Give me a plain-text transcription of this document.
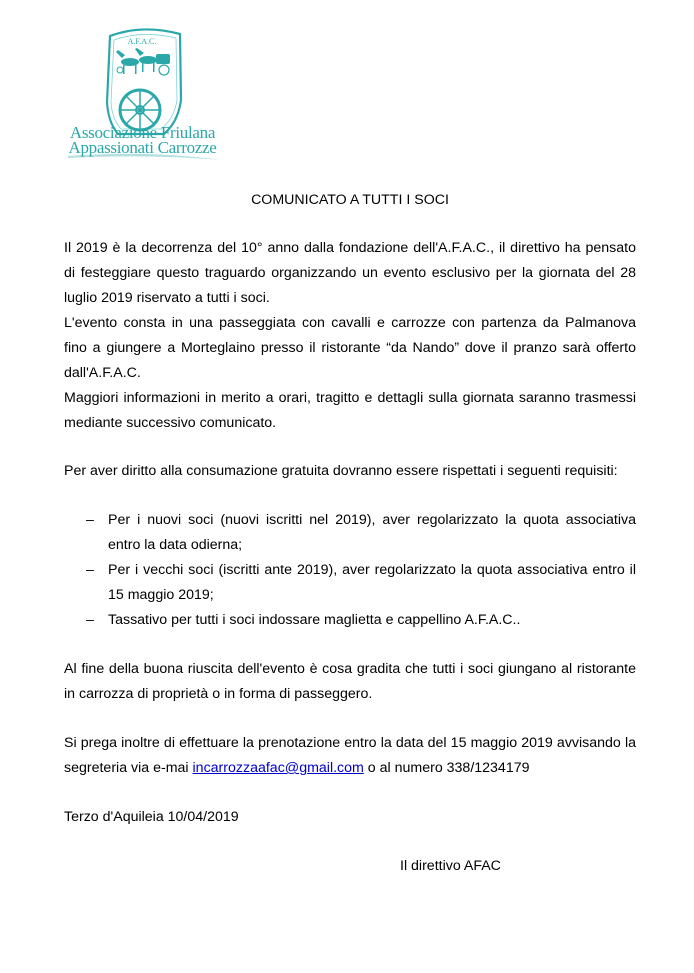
A.F.A.C.
Associazione Friulana
Appassionati Carrozze
COMUNICATO A TUTTI I SOCI
Il 2019 è la decorrenza del 10° anno dalla fondazione dell'A.F.A.C., il direttivo ha pensato
di festeggiare questo traguardo organizzando un evento esclusivo per la giornata del 28
luglio 2019 riservato a tutti i soci.
L'evento consta in una passeggiata con cavalli e carrozze con partenza da Palmanova
fino a giungere a Morteglaino presso il ristorante “da Nando” dove il pranzo sarà offerto
dall'A.F.A.C.
Maggiori informazioni in merito a orari, tragitto e dettagli sulla giornata saranno trasmessi
mediante successivo comunicato.
Per aver diritto alla consumazione gratuita dovranno essere rispettati i seguenti requisiti:
– Per i nuovi soci (nuovi iscritti nel 2019), aver regolarizzato la quota associativa
entro la data odierna;
– Per i vecchi soci (iscritti ante 2019), aver regolarizzato la quota associativa entro il
15 maggio 2019;
– Tassativo per tutti i soci indossare maglietta e cappellino A.F.A.C..
Al fine della buona riuscita dell'evento è cosa gradita che tutti i soci giungano al ristorante
in carrozza di proprietà o in forma di passeggero.
Si prega inoltre di effettuare la prenotazione entro la data del 15 maggio 2019 avvisando la
segreteria via e-mai incarrozzaafac@gmail.com o al numero 338/1234179
Terzo d'Aquileia 10/04/2019
Il direttivo AFAC
